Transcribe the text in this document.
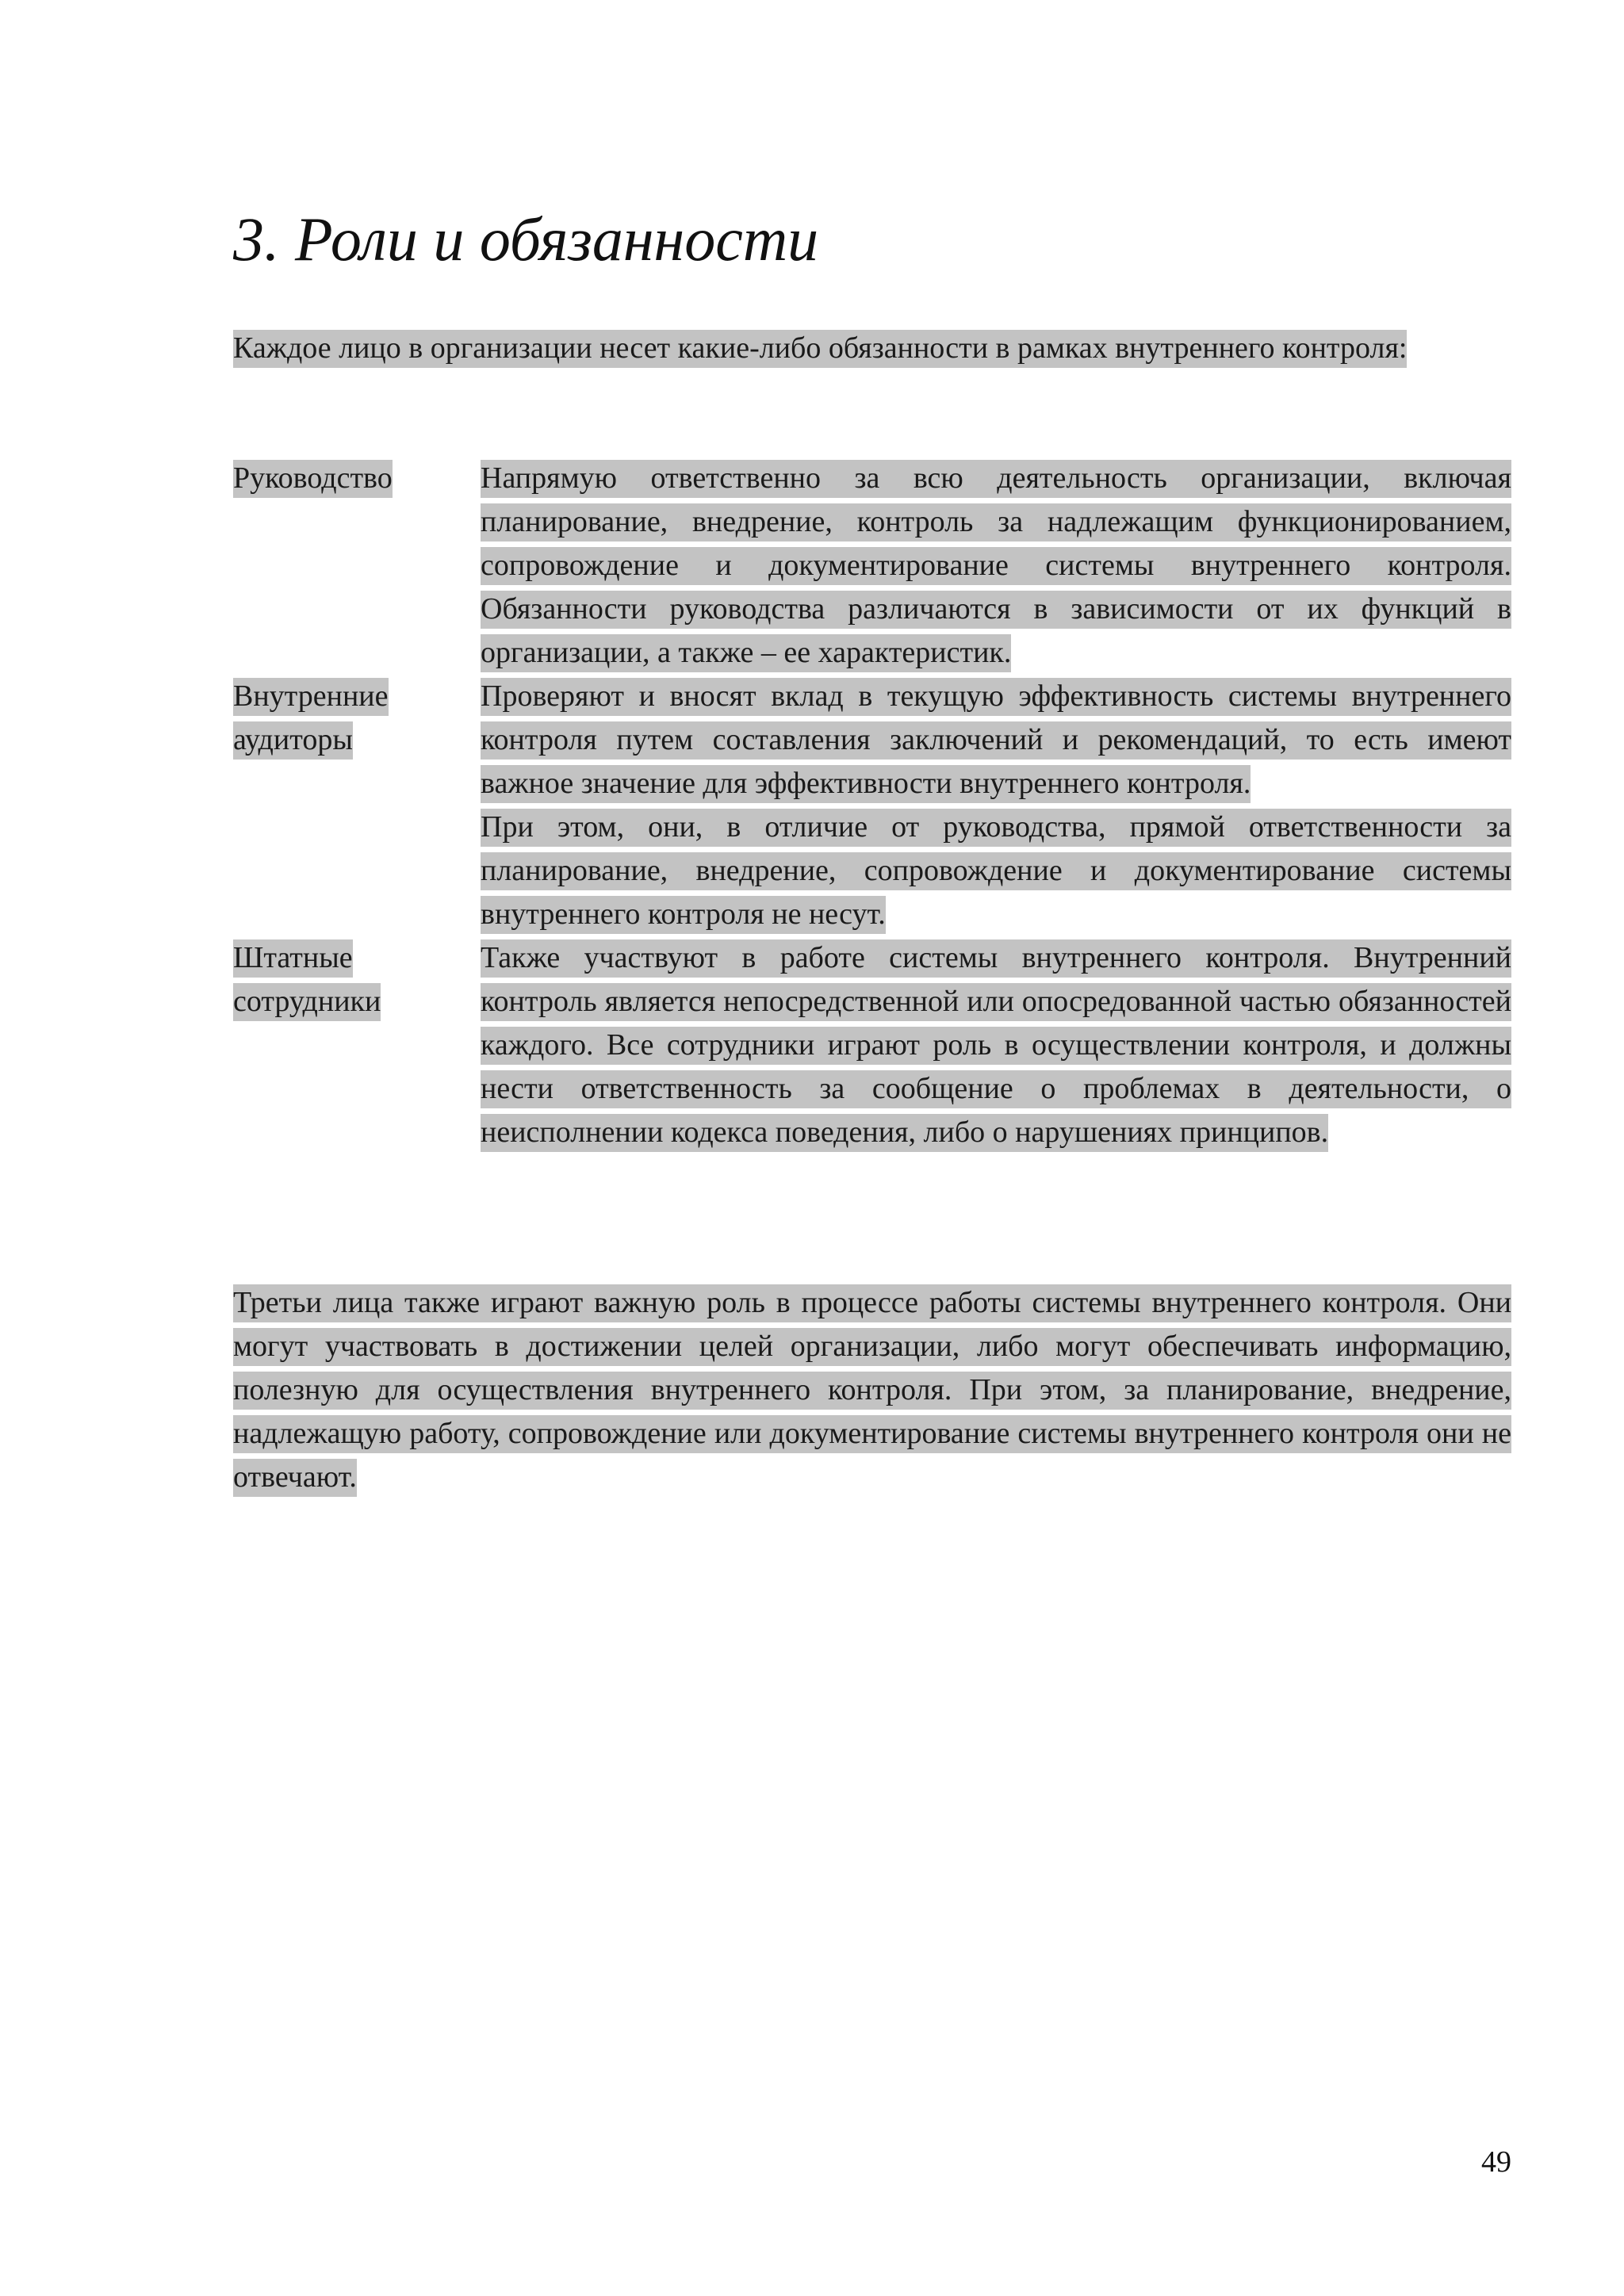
3. Роли и обязанности

Каждое лицо в организации несет какие-либо обязанности в рамках внутреннего контроля:

Руководство	Напрямую ответственно за всю деятельность организации, включая планирование, внедрение, контроль за надлежащим функционированием, сопровождение и документирование системы внутреннего контроля. Обязанности руководства различаются в зависимости от их функций в организации, а также – ее характеристик.

Внутренние аудиторы

Проверяют и вносят вклад в текущую эффективность системы внутреннего контроля путем составления заключений и рекомендаций, то есть имеют важное значение для эффективности внутреннего контроля.

При этом, они, в отличие от руководства, прямой ответственности за планирование, внедрение, сопровождение и документирование системы внутреннего контроля не несут.

Штатные сотрудники

Также участвуют в работе системы внутреннего контроля. Внутренний контроль является непосредственной или опосредованной частью обязанностей каждого. Все сотрудники играют роль в осуществлении контроля, и должны нести ответственность за сообщение о проблемах в деятельности, о неисполнении кодекса поведения, либо о нарушениях принципов.

Третьи лица также играют важную роль в процессе работы системы внутреннего контроля. Они могут участвовать в достижении целей организации, либо могут обеспечивать информацию, полезную для осуществления внутреннего контроля. При этом, за планирование, внедрение, надлежащую работу, сопровождение или документирование системы внутреннего контроля они не отвечают.

49
